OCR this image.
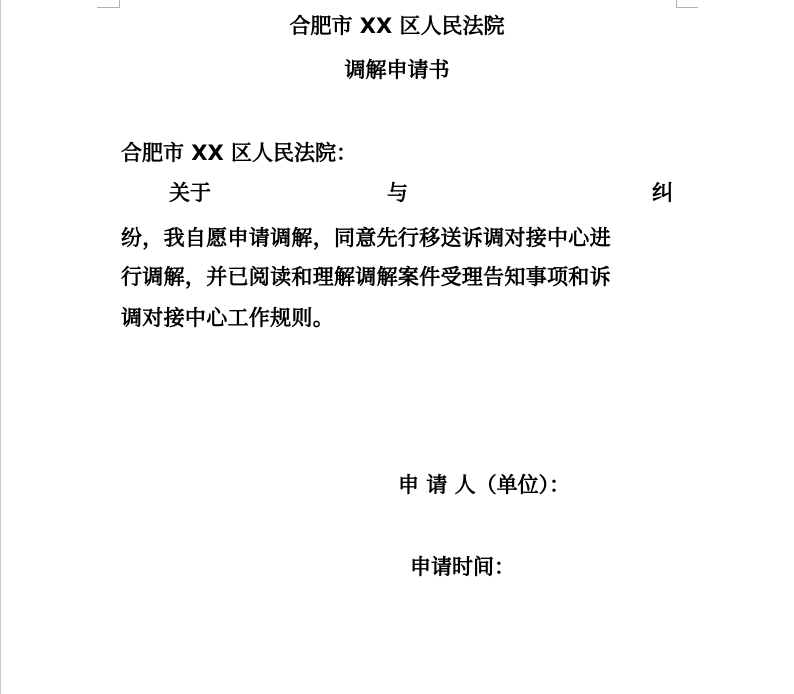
合肥市 XX 区人民法院
调解申请书
合肥市 XX 区人民法院：
关于	与	纠
纷，我自愿申请调解，同意先行移送诉调对接中心进
行调解，并已阅读和理解调解案件受理告知事项和诉
调对接中心工作规则。
申 请 人（单位）：
申请时间：
